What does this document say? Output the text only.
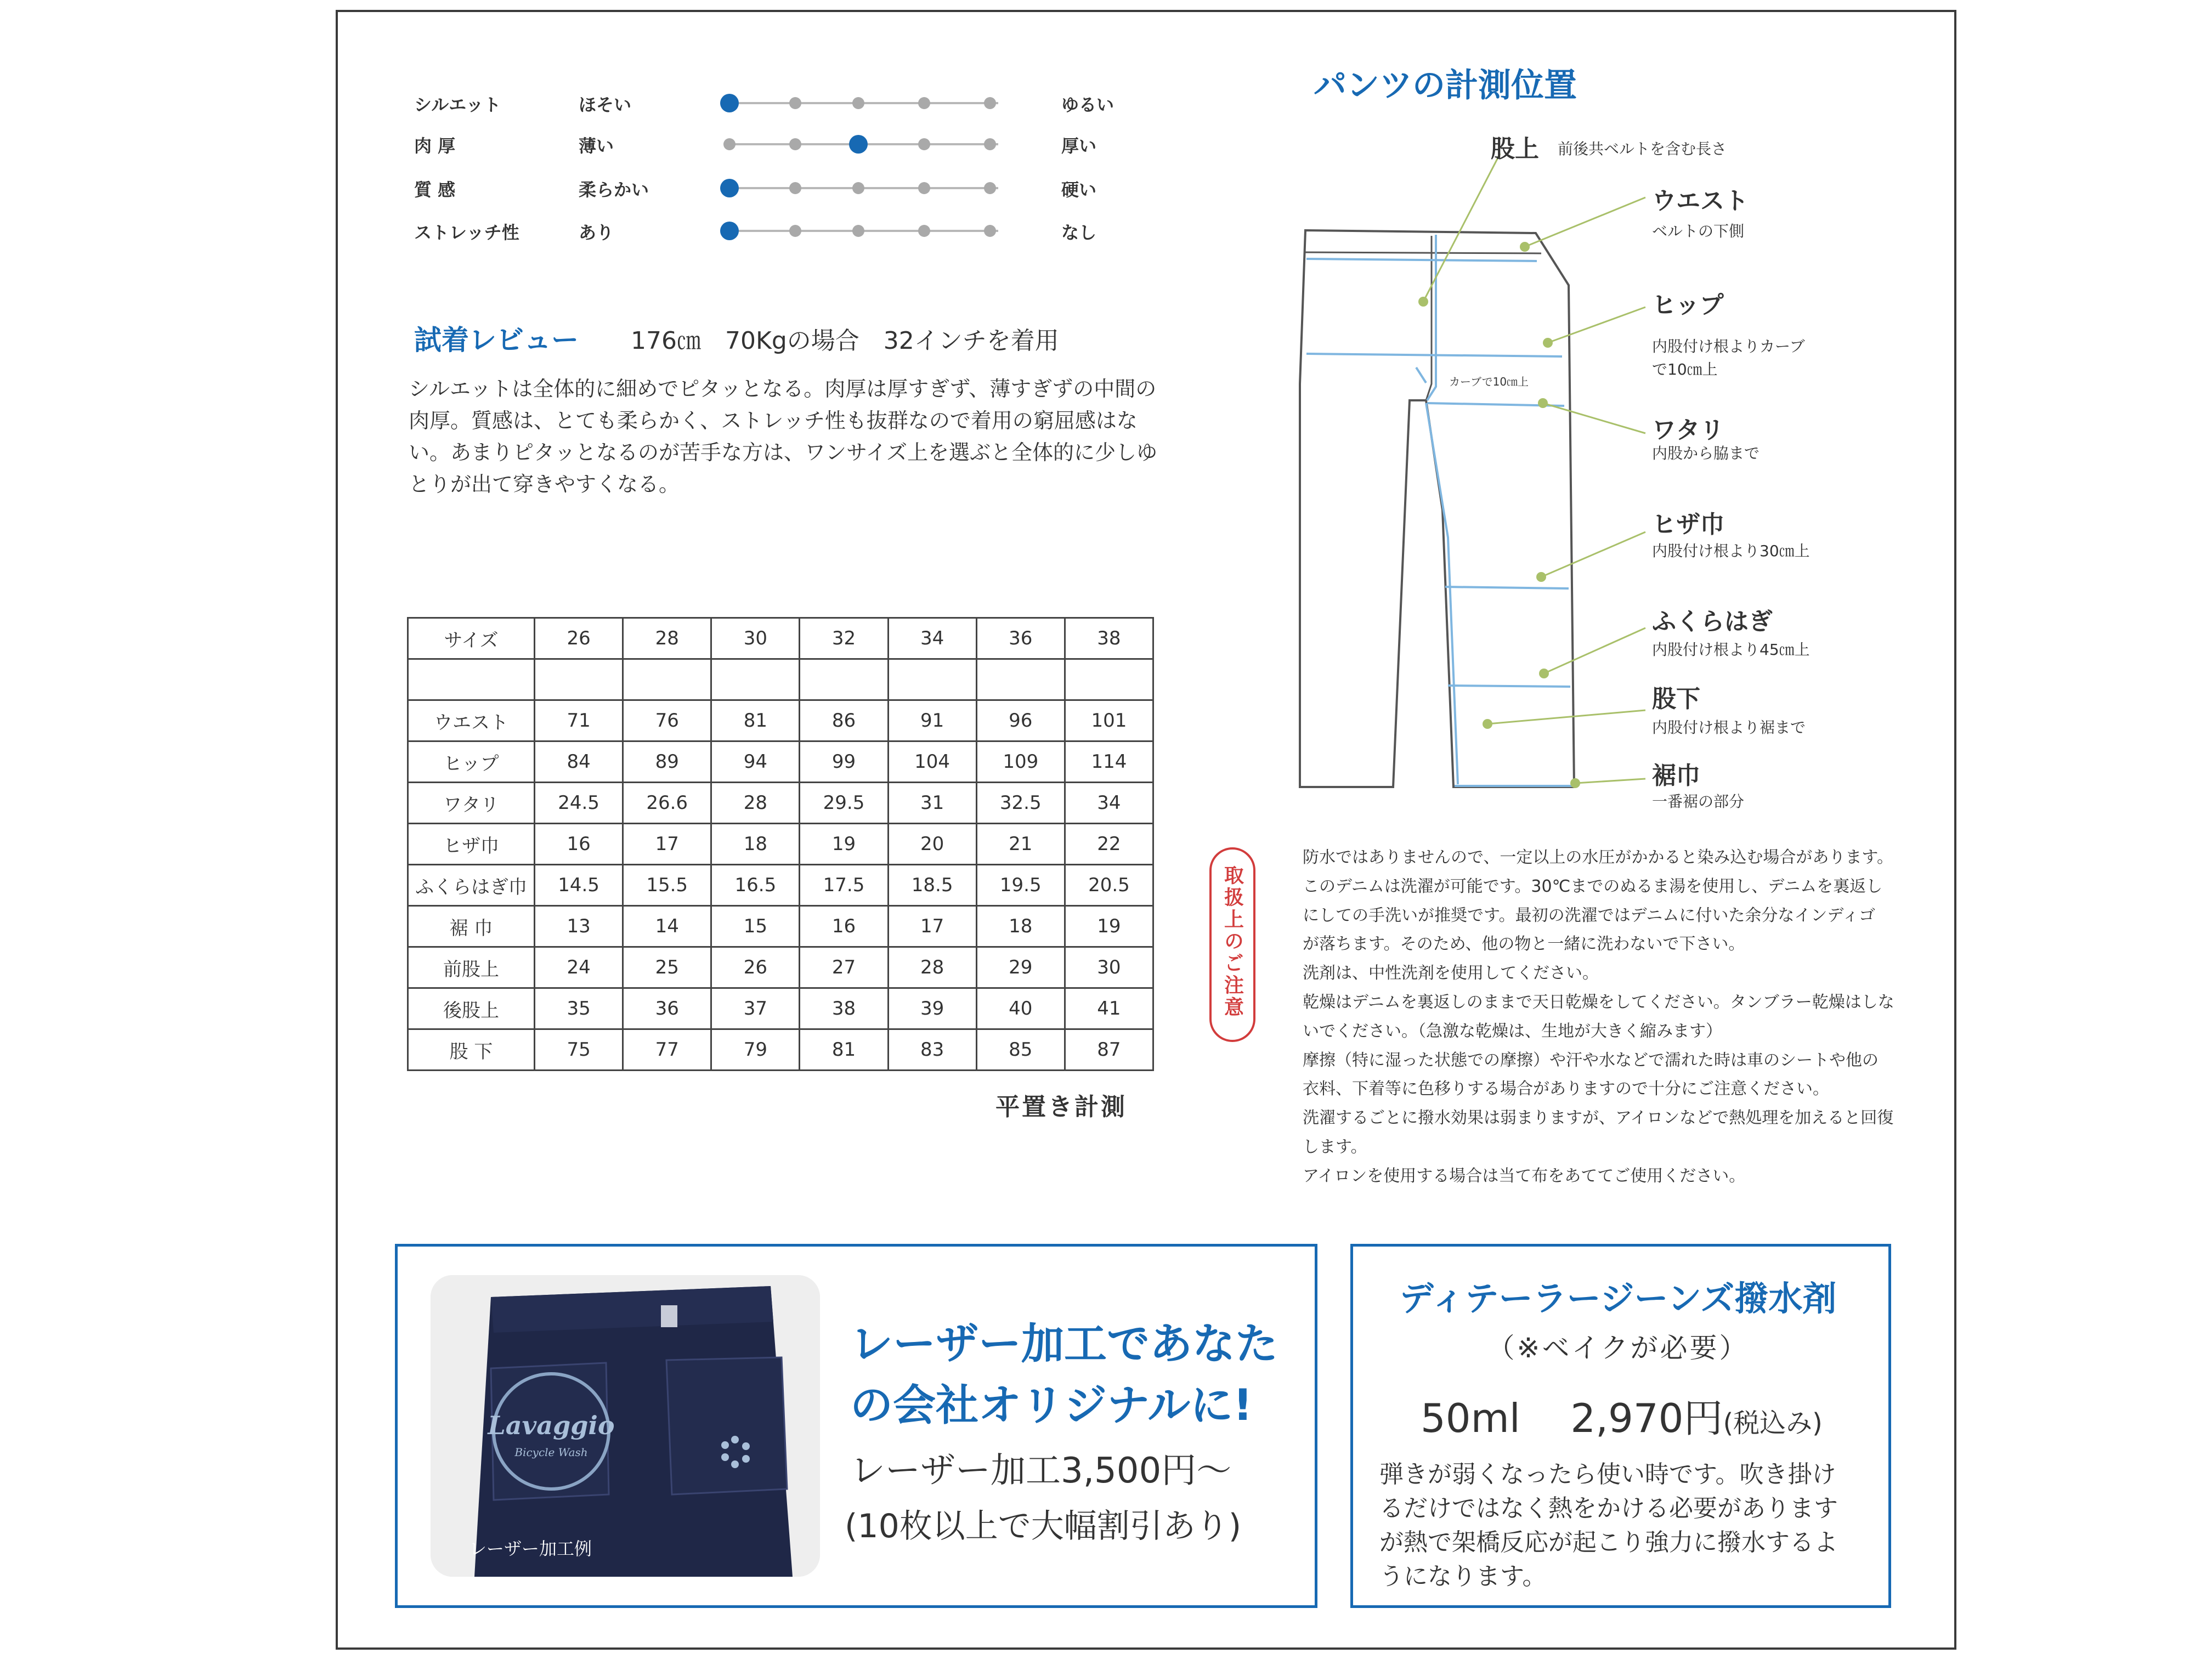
シルエット	ほそい	ゆるい
肉 厚	薄い	厚い
質 感	柔らかい	硬い
ストレッチ性	あり	なし
試着レビュー 176㎝　70Kgの場合　32インチを着用
シルエットは全体的に細めでピタッとなる。肉厚は厚すぎず、薄すぎずの中間の肉厚。質感は、とても柔らかく、ストレッチ性も抜群なので着用の窮屈感はない。あまりピタッとなるのが苦手な方は、ワンサイズ上を選ぶと全体的に少しゆとりが出て穿きやすくなる。
サイズ	26	28	30	32	34	36	38

ウエスト	71	76	81	86	91	96	101
ヒップ	84	89	94	99	104	109	114
ワタリ	24.5	26.6	28	29.5	31	32.5	34
ヒザ巾	16	17	18	19	20	21	22
ふくらはぎ巾	14.5	15.5	16.5	17.5	18.5	19.5	20.5
裾 巾	13	14	15	16	17	18	19
前股上	24	25	26	27	28	29	30
後股上	35	36	37	38	39	40	41
股 下	75	77	79	81	83	85	87
平置き計測
パンツの計測位置
カーブで10㎝上
股上 前後共ベルトを含む長さ
ウエスト
ベルトの下側
ヒップ
内股付け根よりカーブ
で10㎝上
ワタリ
内股から脇まで
ヒザ巾
内股付け根より30㎝上
ふくらはぎ
内股付け根より45㎝上
股下
内股付け根より裾まで
裾巾
一番裾の部分
取扱上のご注意

防水ではありませんので、一定以上の水圧がかかると染み込む場合があります。

このデニムは洗濯が可能です。30℃までのぬるま湯を使用し、デニムを裏返し

にしての手洗いが推奨です。最初の洗濯ではデニムに付いた余分なインディゴ

が落ちます。そのため、他の物と一緒に洗わないで下さい。

洗剤は、中性洗剤を使用してください。

乾燥はデニムを裏返しのままで天日乾燥をしてください。タンブラー乾燥はしな

いでください。（急激な乾燥は、生地が大きく縮みます）

摩擦（特に湿った状態での摩擦）や汗や水などで濡れた時は車のシートや他の

衣料、下着等に色移りする場合がありますので十分にご注意ください。

洗濯するごとに撥水効果は弱まりますが、アイロンなどで熱処理を加えると回復

します。

アイロンを使用する場合は当て布をあててご使用ください。

Lavaggio
Bicycle Wash
レーザー加工例
レーザー加工であなたの会社オリジナルに!
レーザー加工3,500円～
(10枚以上で大幅割引あり)
ディテーラージーンズ撥水剤
（※ベイクが必要）
50ml 2,970円(税込み)
弾きが弱くなったら使い時です。吹き掛けるだけではなく熱をかける必要がありますが熱で架橋反応が起こり強力に撥水するようになります。
